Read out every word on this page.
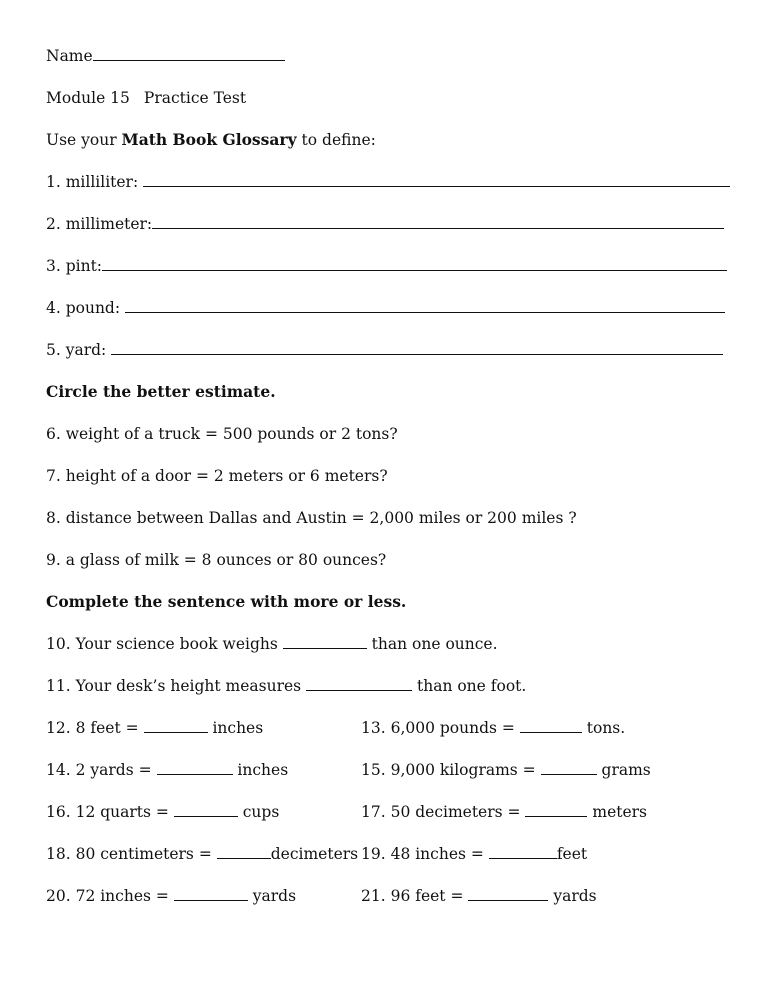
Name
Module 15 Practice Test
Use your Math Book Glossary to define:
1. milliliter:
2. millimeter:
3. pint:
4. pound:
5. yard:
Circle the better estimate.
6. weight of a truck = 500 pounds or 2 tons?
7. height of a door = 2 meters or 6 meters?
8. distance between Dallas and Austin = 2,000 miles or 200 miles ?
9. a glass of milk = 8 ounces or 80 ounces?
Complete the sentence with more or less.
10. Your science book weighs	than one ounce.
11. Your desk’s height measures	than one foot.
12. 8 feet =	inches
14. 2 yards =	inches
16. 12 quarts =	cups
18. 80 centimeters =	decimeters
20. 72 inches =	yards
13. 6,000 pounds =	tons.
15. 9,000 kilograms =	grams
17. 50 decimeters =	meters
19. 48 inches =	feet
21. 96 feet =	yards
